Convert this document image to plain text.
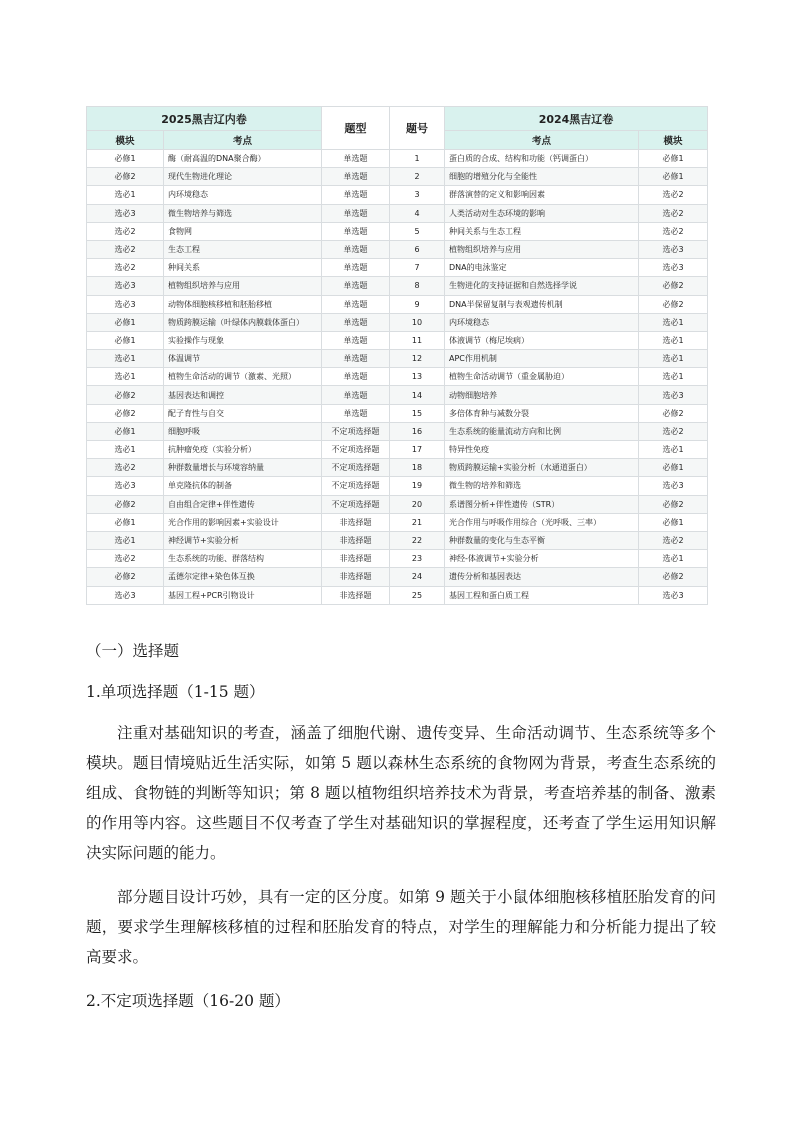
2025黑吉辽内卷		题型	题号	2024黑吉辽卷	
模块	考点			考点	模块
必修1	酶（耐高温的DNA聚合酶）	单选题	1	蛋白质的合成、结构和功能（钙调蛋白）	必修1
必修2	现代生物进化理论	单选题	2	细胞的增殖分化与全能性	必修1
选必1	内环境稳态	单选题	3	群落演替的定义和影响因素	选必2
选必3	微生物培养与筛选	单选题	4	人类活动对生态环境的影响	选必2
选必2	食物网	单选题	5	种间关系与生态工程	选必2
选必2	生态工程	单选题	6	植物组织培养与应用	选必3
选必2	种间关系	单选题	7	DNA的电泳鉴定	选必3
选必3	植物组织培养与应用	单选题	8	生物进化的支持证据和自然选择学说	必修2
选必3	动物体细胞核移植和胚胎移植	单选题	9	DNA半保留复制与表观遗传机制	必修2
必修1	物质跨膜运输（叶绿体内膜载体蛋白）	单选题	10	内环境稳态	选必1
必修1	实验操作与现象	单选题	11	体液调节（梅尼埃病）	选必1
选必1	体温调节	单选题	12	APC作用机制	选必1
选必1	植物生命活动的调节（激素、光照）	单选题	13	植物生命活动调节（重金属胁迫）	选必1
必修2	基因表达和调控	单选题	14	动物细胞培养	选必3
必修2	配子育性与自交	单选题	15	多倍体育种与减数分裂	必修2
必修1	细胞呼吸	不定项选择题	16	生态系统的能量流动方向和比例	选必2
选必1	抗肿瘤免疫（实验分析）	不定项选择题	17	特异性免疫	选必1
选必2	种群数量增长与环境容纳量	不定项选择题	18	物质跨膜运输+实验分析（水通道蛋白）	必修1
选必3	单克隆抗体的制备	不定项选择题	19	微生物的培养和筛选	选必3
必修2	自由组合定律+伴性遗传	不定项选择题	20	系谱图分析+伴性遗传（STR）	必修2
必修1	光合作用的影响因素+实验设计	非选择题	21	光合作用与呼吸作用综合（光呼吸、三率）	必修1
选必1	神经调节+实验分析	非选择题	22	种群数量的变化与生态平衡	选必2
选必2	生态系统的功能、群落结构	非选择题	23	神经-体液调节+实验分析	选必1
必修2	孟德尔定律+染色体互换	非选择题	24	遗传分析和基因表达	必修2
选必3	基因工程+PCR引物设计	非选择题	25	基因工程和蛋白质工程	选必3

（一）选择题

1.单项选择题（1-15 题）

注重对基础知识的考查，涵盖了细胞代谢、遗传变异、生命活动调节、生态系统等多个模块。题目情境贴近生活实际，如第 5 题以森林生态系统的食物网为背景，考查生态系统的组成、食物链的判断等知识；第 8 题以植物组织培养技术为背景，考查培养基的制备、激素的作用等内容。这些题目不仅考查了学生对基础知识的掌握程度，还考查了学生运用知识解决实际问题的能力。

部分题目设计巧妙，具有一定的区分度。如第 9 题关于小鼠体细胞核移植胚胎发育的问题，要求学生理解核移植的过程和胚胎发育的特点，对学生的理解能力和分析能力提出了较高要求。

2.不定项选择题（16-20 题）
